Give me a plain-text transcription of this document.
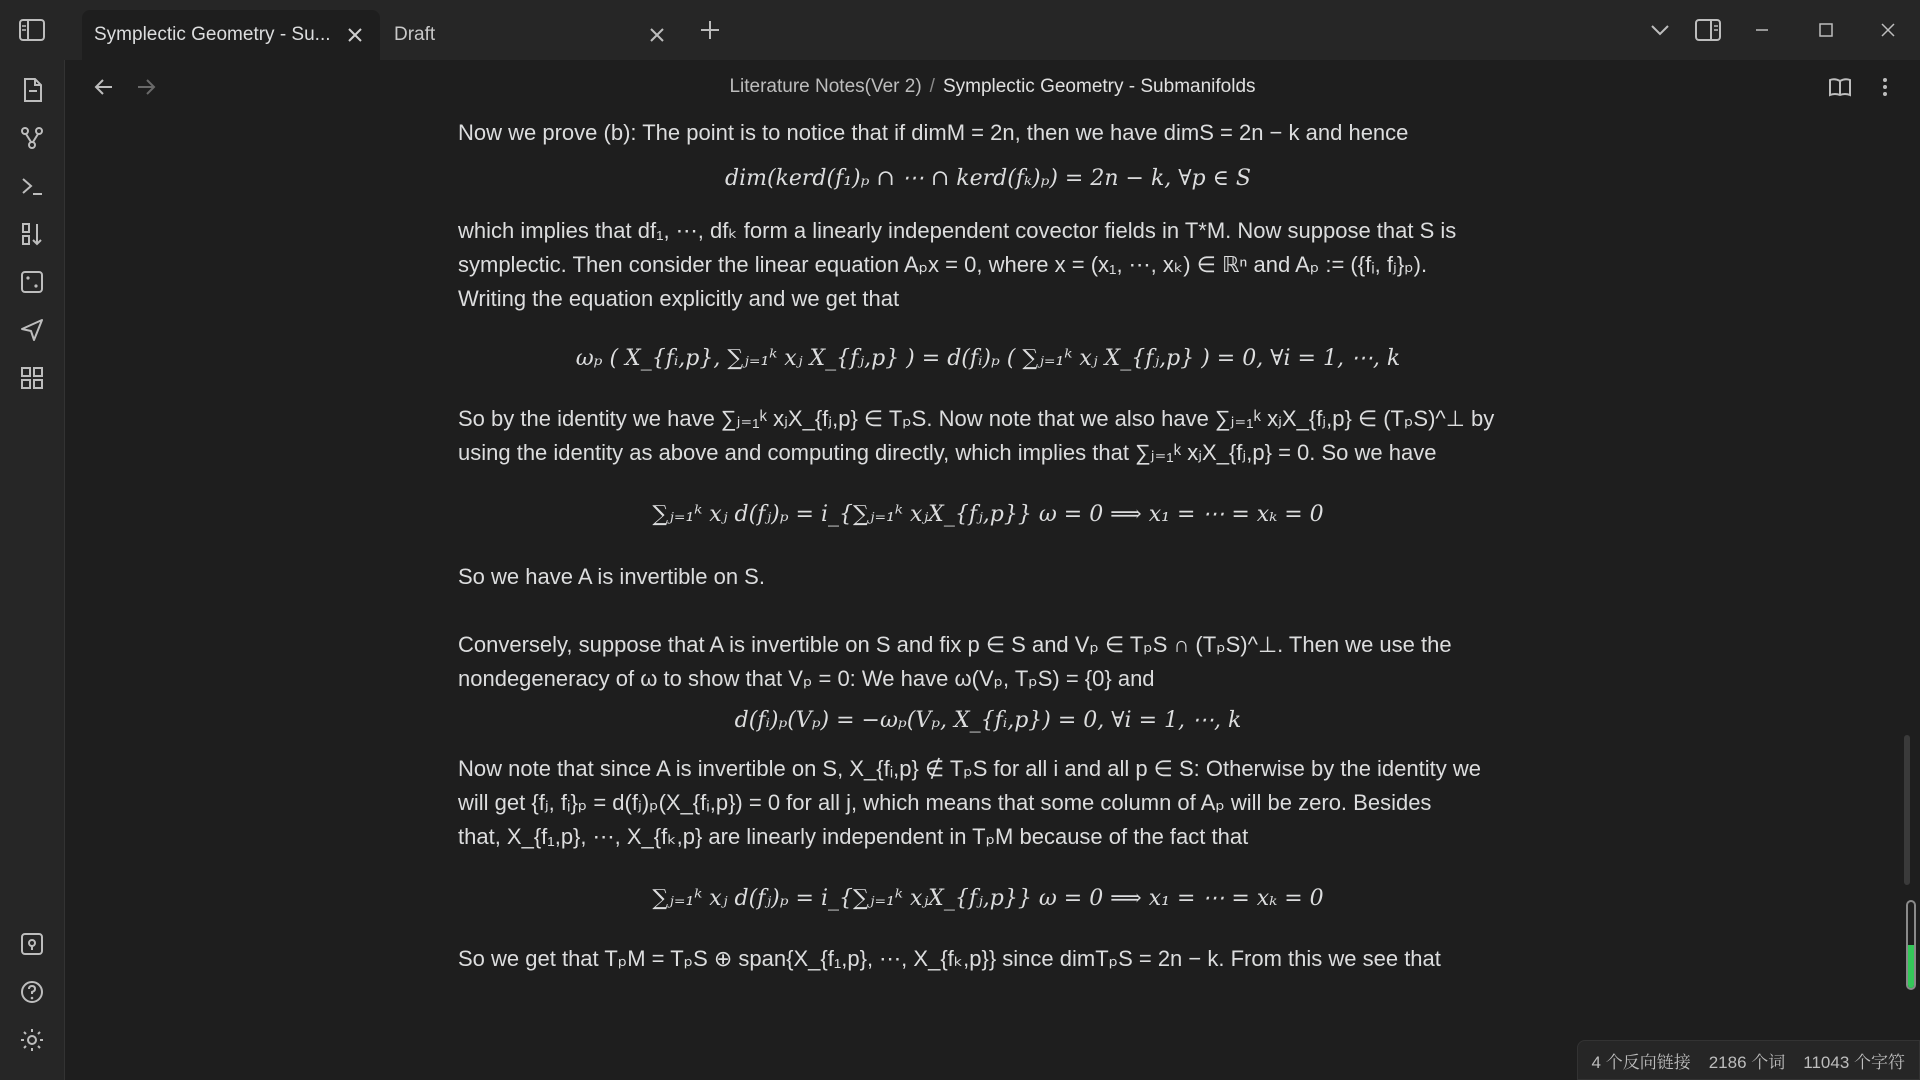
Symplectic Geometry - Su...	Draft
Literature Notes(Ver 2) / Symplectic Geometry - Submanifolds

Now we prove (b): The point is to notice that if dimM = 2n, then we have dimS = 2n − k and hence

dim(kerd(f₁)ₚ ∩ ⋯ ∩ kerd(fₖ)ₚ) = 2n − k, ∀p ∈ S

which implies that df₁, ⋯, dfₖ form a linearly independent covector fields in T*M. Now suppose that S is

symplectic. Then consider the linear equation Aₚx = 0, where x = (x₁, ⋯, xₖ) ∈ ℝⁿ and Aₚ := ({fᵢ, fⱼ}ₚ).

Writing the equation explicitly and we get that

ωₚ ( X_{fᵢ,p}, ∑ⱼ₌₁ᵏ xⱼ X_{fⱼ,p} ) = d(fᵢ)ₚ ( ∑ⱼ₌₁ᵏ xⱼ X_{fⱼ,p} ) = 0, ∀i = 1, ⋯, k

So by the identity we have ∑ⱼ₌₁ᵏ xⱼX_{fⱼ,p} ∈ TₚS. Now note that we also have ∑ⱼ₌₁ᵏ xⱼX_{fⱼ,p} ∈ (TₚS)^⊥ by

using the identity as above and computing directly, which implies that ∑ⱼ₌₁ᵏ xⱼX_{fⱼ,p} = 0. So we have

∑ⱼ₌₁ᵏ xⱼ d(fⱼ)ₚ = i_{∑ⱼ₌₁ᵏ xⱼX_{fⱼ,p}} ω = 0 ⟹ x₁ = ⋯ = xₖ = 0

So we have A is invertible on S.

Conversely, suppose that A is invertible on S and fix p ∈ S and Vₚ ∈ TₚS ∩ (TₚS)^⊥. Then we use the

nondegeneracy of ω to show that Vₚ = 0: We have ω(Vₚ, TₚS) = {0} and

d(fᵢ)ₚ(Vₚ) = −ωₚ(Vₚ, X_{fᵢ,p}) = 0, ∀i = 1, ⋯, k

Now note that since A is invertible on S, X_{fᵢ,p} ∉ TₚS for all i and all p ∈ S: Otherwise by the identity we

will get {fⱼ, fᵢ}ₚ = d(fⱼ)ₚ(X_{fᵢ,p}) = 0 for all j, which means that some column of Aₚ will be zero. Besides

that, X_{f₁,p}, ⋯, X_{fₖ,p} are linearly independent in TₚM because of the fact that

∑ⱼ₌₁ᵏ xⱼ d(fⱼ)ₚ = i_{∑ⱼ₌₁ᵏ xⱼX_{fⱼ,p}} ω = 0 ⟹ x₁ = ⋯ = xₖ = 0

So we get that TₚM = TₚS ⊕ span{X_{f₁,p}, ⋯, X_{fₖ,p}} since dimTₚS = 2n − k. From this we see that

4 个反向链接 2186 个词 11043 个字符
